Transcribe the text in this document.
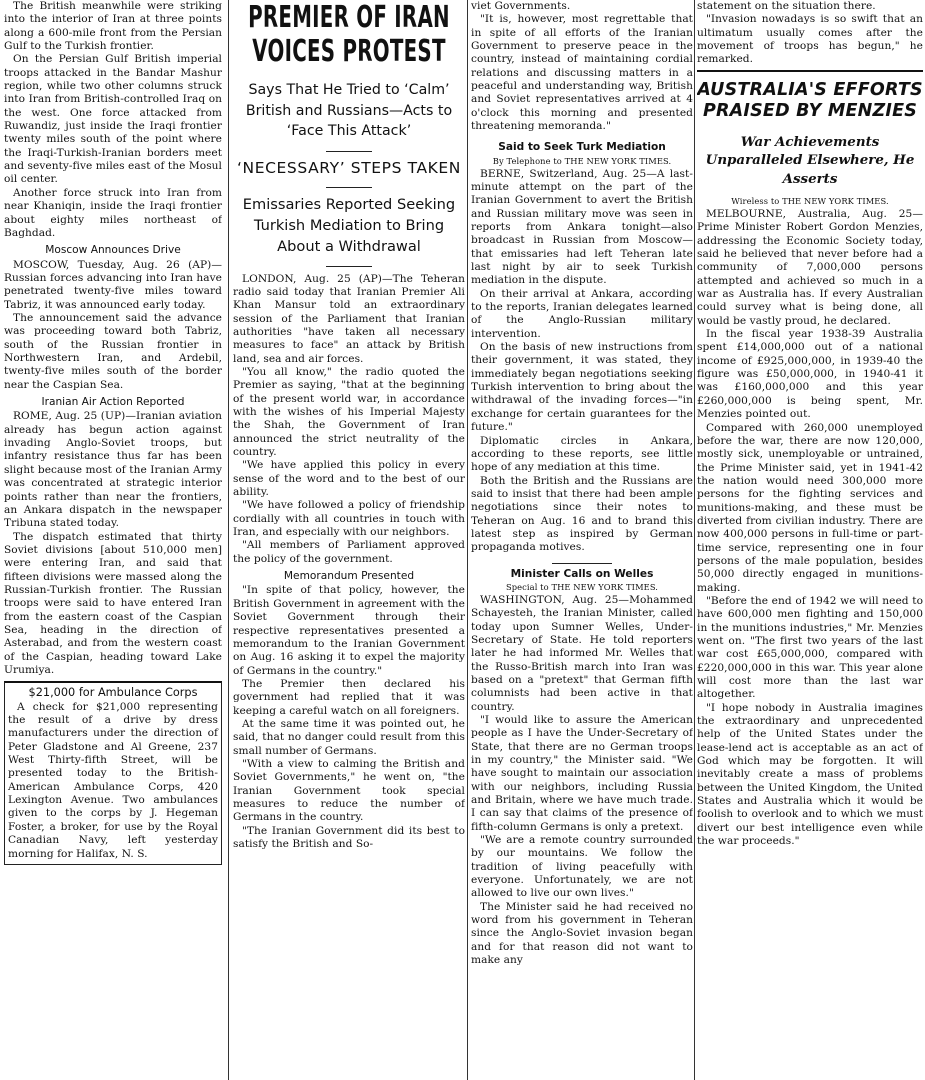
The British meanwhile were striking into the interior of Iran at three points along a 600-mile front from the Persian Gulf to the Turkish frontier.

On the Persian Gulf British imperial troops attacked in the Bandar Mashur region, while two other columns struck into Iran from British-controlled Iraq on the west. One force attacked from Ruwandiz, just inside the Iraqi frontier twenty miles south of the point where the Iraqi-Turkish-Iranian borders meet and seventy-five miles east of the Mosul oil center.

Another force struck into Iran from near Khaniqin, inside the Iraqi frontier about eighty miles northeast of Baghdad.

Moscow Announces Drive

MOSCOW, Tuesday, Aug. 26 (AP)—Russian forces advancing into Iran have penetrated twenty-five miles toward Tabriz, it was announced early today.

The announcement said the advance was proceeding toward both Tabriz, south of the Russian frontier in Northwestern Iran, and Ardebil, twenty-five miles south of the border near the Caspian Sea.

Iranian Air Action Reported

ROME, Aug. 25 (UP)—Iranian aviation already has begun action against invading Anglo-Soviet troops, but infantry resistance thus far has been slight because most of the Iranian Army was concentrated at strategic interior points rather than near the frontiers, an Ankara dispatch in the newspaper Tribuna stated today.

The dispatch estimated that thirty Soviet divisions [about 510,000 men] were entering Iran, and said that fifteen divisions were massed along the Russian-Turkish frontier. The Russian troops were said to have entered Iran from the eastern coast of the Caspian Sea, heading in the direction of Asterabad, and from the western coast of the Caspian, heading toward Lake Urumiya.

$21,000 for Ambulance Corps

A check for $21,000 representing the result of a drive by dress manufacturers under the direction of Peter Gladstone and Al Greene, 237 West Thirty-fifth Street, will be presented today to the British-American Ambulance Corps, 420 Lexington Avenue. Two ambulances given to the corps by J. Hegeman Foster, a broker, for use by the Royal Canadian Navy, left yesterday morning for Halifax, N. S.

PREMIER OF IRAN
VOICES PROTEST
Says That He Tried to ‘Calm’ British and Russians—Acts to ‘Face This Attack’
‘NECESSARY’ STEPS TAKEN
Emissaries Reported Seeking Turkish Mediation to Bring About a Withdrawal

LONDON, Aug. 25 (AP)—The Teheran radio said today that Iranian Premier Ali Khan Mansur told an extraordinary session of the Parliament that Iranian authorities "have taken all necessary measures to face" an attack by British land, sea and air forces.

"You all know," the radio quoted the Premier as saying, "that at the beginning of the present world war, in accordance with the wishes of his Imperial Majesty the Shah, the Government of Iran announced the strict neutrality of the country.

"We have applied this policy in every sense of the word and to the best of our ability.

"We have followed a policy of friendship cordially with all countries in touch with Iran, and especially with our neighbors.

"All members of Parliament approved the policy of the government.

Memorandum Presented

"In spite of that policy, however, the British Government in agreement with the Soviet Government through their respective representatives presented a memorandum to the Iranian Government on Aug. 16 asking it to expel the majority of Germans in the country."

The Premier then declared his government had replied that it was keeping a careful watch on all foreigners.

At the same time it was pointed out, he said, that no danger could result from this small number of Germans.

"With a view to calming the British and Soviet Governments," he went on, "the Iranian Government took special measures to reduce the number of Germans in the country.

"The Iranian Government did its best to satisfy the British and So-

viet Governments.

"It is, however, most regrettable that in spite of all efforts of the Iranian Government to preserve peace in the country, instead of maintaining cordial relations and discussing matters in a peaceful and understanding way, British and Soviet representatives arrived at 4 o'clock this morning and presented threatening memoranda."

Said to Seek Turk Mediation
By Telephone to THE NEW YORK TIMES.

BERNE, Switzerland, Aug. 25—A last-minute attempt on the part of the Iranian Government to avert the British and Russian military move was seen in reports from Ankara tonight—also broadcast in Russian from Moscow—that emissaries had left Teheran late last night by air to seek Turkish mediation in the dispute.

On their arrival at Ankara, according to the reports, Iranian delegates learned of the Anglo-Russian military intervention.

On the basis of new instructions from their government, it was stated, they immediately began negotiations seeking Turkish intervention to bring about the withdrawal of the invading forces—"in exchange for certain guarantees for the future."

Diplomatic circles in Ankara, according to these reports, see little hope of any mediation at this time.

Both the British and the Russians are said to insist that there had been ample negotiations since their notes to Teheran on Aug. 16 and to brand this latest step as inspired by German propaganda motives.

Minister Calls on Welles
Special to THE NEW YORK TIMES.

WASHINGTON, Aug. 25—Mohammed Schayesteh, the Iranian Minister, called today upon Sumner Welles, Under-Secretary of State. He told reporters later he had informed Mr. Welles that the Russo-British march into Iran was based on a "pretext" that German fifth columnists had been active in that country.

"I would like to assure the American people as I have the Under-Secretary of State, that there are no German troops in my country," the Minister said. "We have sought to maintain our association with our neighbors, including Russia and Britain, where we have much trade. I can say that claims of the presence of fifth-column Germans is only a pretext.

"We are a remote country surrounded by our mountains. We follow the tradition of living peacefully with everyone. Unfortunately, we are not allowed to live our own lives."

The Minister said he had received no word from his government in Teheran since the Anglo-Soviet invasion began and for that reason did not want to make any

statement on the situation there.

"Invasion nowadays is so swift that an ultimatum usually comes after the movement of troops has begun," he remarked.

AUSTRALIA'S EFFORTS PRAISED BY MENZIES
War Achievements Unparalleled Elsewhere, He Asserts
Wireless to THE NEW YORK TIMES.

MELBOURNE, Australia, Aug. 25—Prime Minister Robert Gordon Menzies, addressing the Economic Society today, said he believed that never before had a community of 7,000,000 persons attempted and achieved so much in a war as Australia has. If every Australian could survey what is being done, all would be vastly proud, he declared.

In the fiscal year 1938-39 Australia spent £14,000,000 out of a national income of £925,000,000, in 1939-40 the figure was £50,000,000, in 1940-41 it was £160,000,000 and this year £260,000,000 is being spent, Mr. Menzies pointed out.

Compared with 260,000 unemployed before the war, there are now 120,000, mostly sick, unemployable or untrained, the Prime Minister said, yet in 1941-42 the nation would need 300,000 more persons for the fighting services and munitions-making, and these must be diverted from civilian industry. There are now 400,000 persons in full-time or part-time service, representing one in four persons of the male population, besides 50,000 directly engaged in munitions-making.

"Before the end of 1942 we will need to have 600,000 men fighting and 150,000 in the munitions industries," Mr. Menzies went on. "The first two years of the last war cost £65,000,000, compared with £220,000,000 in this war. This year alone will cost more than the last war altogether.

"I hope nobody in Australia imagines the extraordinary and unprecedented help of the United States under the lease-lend act is acceptable as an act of God which may be forgotten. It will inevitably create a mass of problems between the United Kingdom, the United States and Australia which it would be foolish to overlook and to which we must divert our best intelligence even while the war proceeds."
